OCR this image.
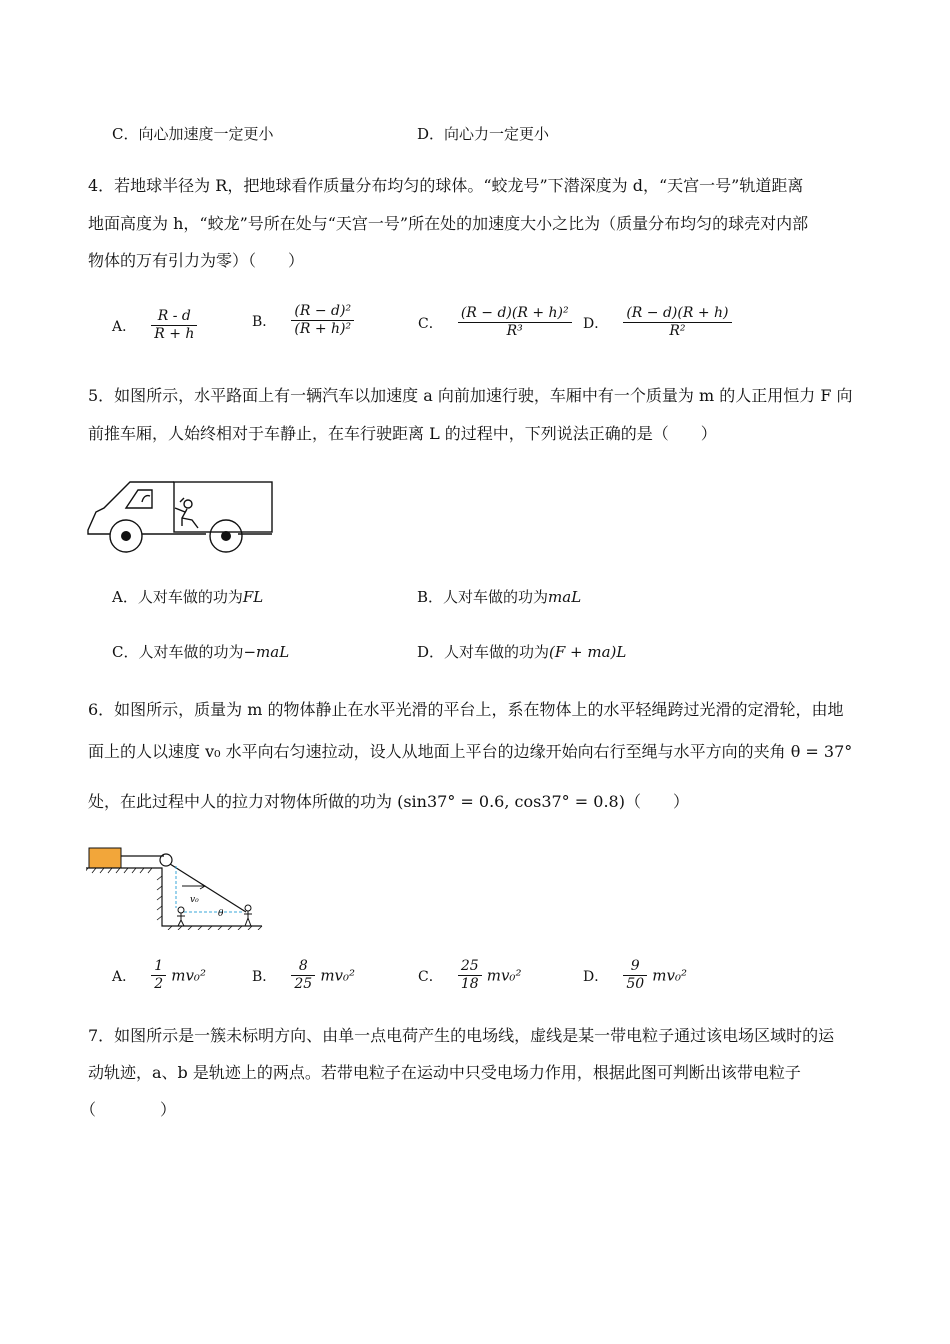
C．向心加速度一定更小	D．向心力一定更小
4．若地球半径为 R，把地球看作质量分布均匀的球体。“蛟龙号”下潜深度为 d，“天宫一号”轨道距离
地面高度为 h，“蛟龙”号所在处与“天宫一号”所在处的加速度大小之比为（质量分布均匀的球壳对内部
物体的万有引力为零）（　　）
A． $\frac{R - d}{R + h}$	B． $\frac{\text{(R − d)²}}{\text{(R + h)²}}$	C． $\frac{\text{(R − d)(R + h)²}}{\text{R³}}$ D． $\frac{(R - d)(R + h)}{\text{R²}}$
5．如图所示，水平路面上有一辆汽车以加速度 a 向前加速行驶，车厢中有一个质量为 m 的人正用恒力 F 向
前推车厢，人始终相对于车静止，在车行驶距离 L 的过程中，下列说法正确的是（　　）
A．人对车做的功为FL	B．人对车做的功为maL
C．人对车做的功为−maL	D．人对车做的功为(F + ma)L
6．如图所示，质量为 m 的物体静止在水平光滑的平台上，系在物体上的水平轻绳跨过光滑的定滑轮，由地
面上的人以速度 v₀ 水平向右匀速拉动，设人从地面上平台的边缘开始向右行至绳与水平方向的夹角 θ = 37°
处，在此过程中人的拉力对物体所做的功为 (sin37° = 0.6, cos37° = 0.8)（　　）
v₀
θ
A． $\frac{1}{2} mv_0^2$	B． $\frac{8}{25} mv_0^2$	C． $\frac{25}{18} mv_0^2$	D． $\frac{9}{50} mv_0^2$
7．如图所示是一簇未标明方向、由单一点电荷产生的电场线，虚线是某一带电粒子通过该电场区域时的运
动轨迹，a、b 是轨迹上的两点。若带电粒子在运动中只受电场力作用，根据此图可判断出该带电粒子
（　　　　）
